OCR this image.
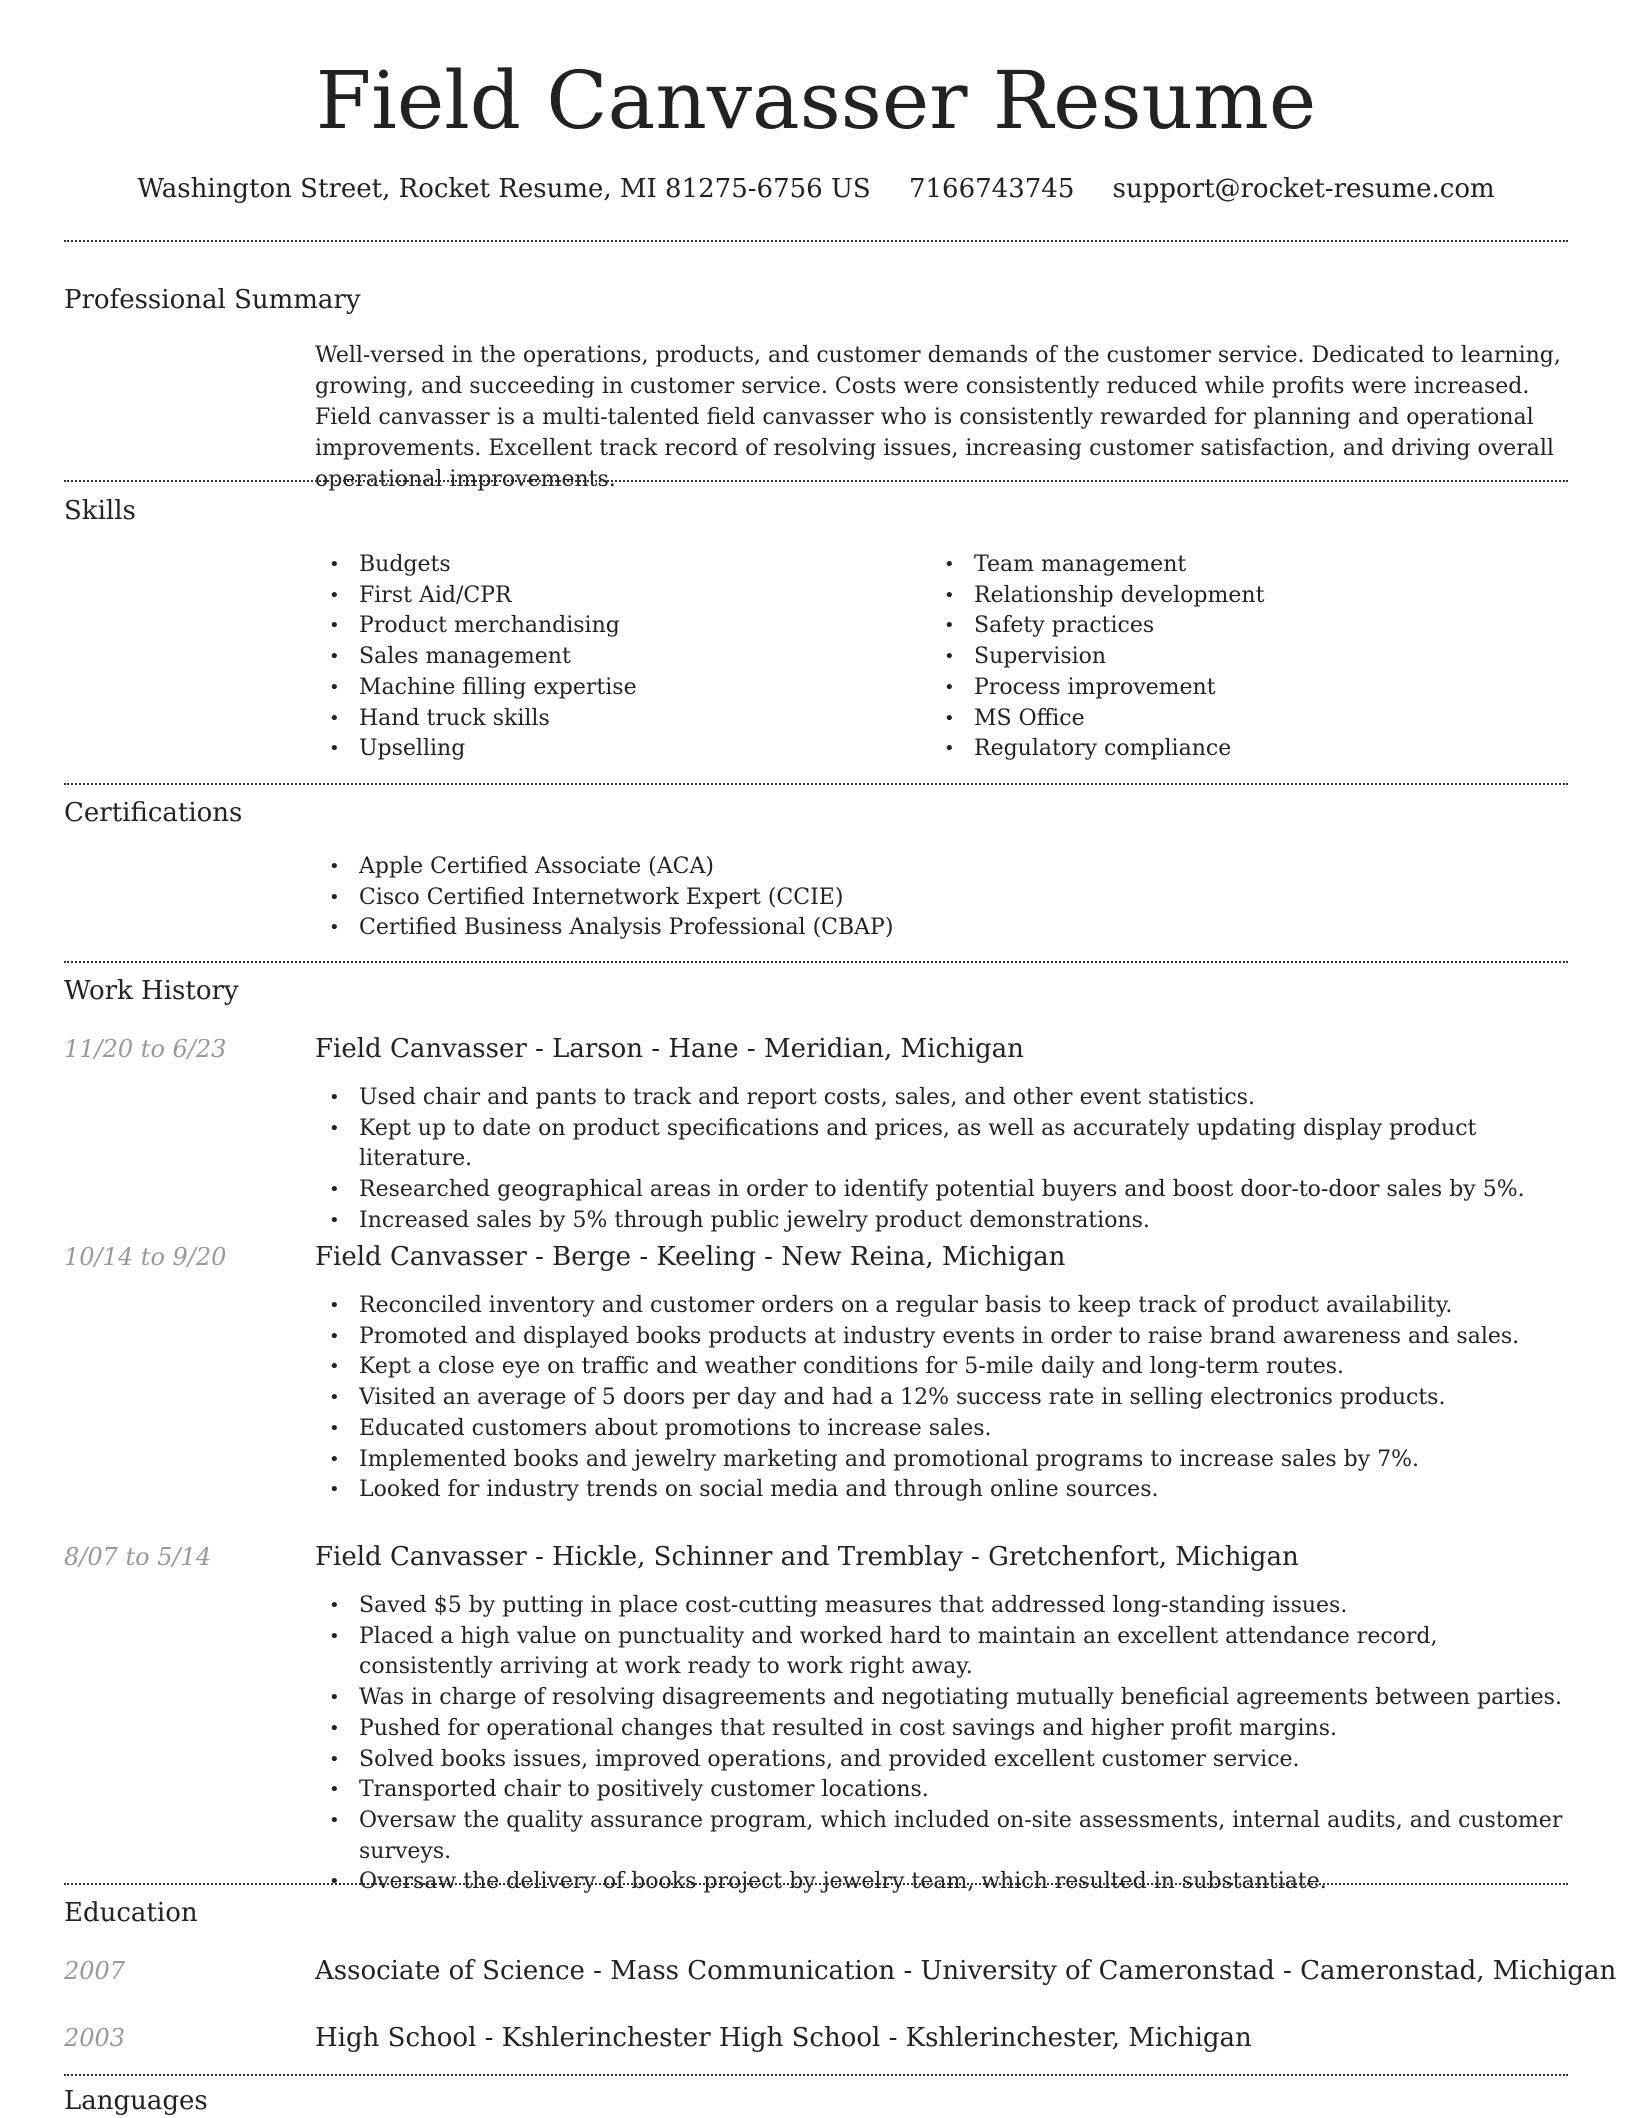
Field Canvasser Resume
Washington Street, Rocket Resume, MI 81275-6756 US 7166743745 support@rocket-resume.com
Professional Summary

Well-versed in the operations, products, and customer demands of the customer service. Dedicated to learning, growing, and succeeding in customer service. Costs were consistently reduced while profits were increased. Field canvasser is a multi-talented field canvasser who is consistently rewarded for planning and operational improvements. Excellent track record of resolving issues, increasing customer satisfaction, and driving overall operational improvements.

Skills
• Budgets
• First Aid/CPR
• Product merchandising
• Sales management
• Machine filling expertise
• Hand truck skills
• Upselling
• Team management
• Relationship development
• Safety practices
• Supervision
• Process improvement
• MS Office
• Regulatory compliance
Certifications
• Apple Certified Associate (ACA)
• Cisco Certified Internetwork Expert (CCIE)
• Certified Business Analysis Professional (CBAP)
Work History
11/20 to 6/23	Field Canvasser - Larson - Hane - Meridian, Michigan
• Used chair and pants to track and report costs, sales, and other event statistics.
• Kept up to date on product specifications and prices, as well as accurately updating display product literature.
• Researched geographical areas in order to identify potential buyers and boost door-to-door sales by 5%.
• Increased sales by 5% through public jewelry product demonstrations.
10/14 to 9/20	Field Canvasser - Berge - Keeling - New Reina, Michigan
• Reconciled inventory and customer orders on a regular basis to keep track of product availability.
• Promoted and displayed books products at industry events in order to raise brand awareness and sales.
• Kept a close eye on traffic and weather conditions for 5-mile daily and long-term routes.
• Visited an average of 5 doors per day and had a 12% success rate in selling electronics products.
• Educated customers about promotions to increase sales.
• Implemented books and jewelry marketing and promotional programs to increase sales by 7%.
• Looked for industry trends on social media and through online sources.
8/07 to 5/14	Field Canvasser - Hickle, Schinner and Tremblay - Gretchenfort, Michigan
• Saved $5 by putting in place cost-cutting measures that addressed long-standing issues.
• Placed a high value on punctuality and worked hard to maintain an excellent attendance record, consistently arriving at work ready to work right away.
• Was in charge of resolving disagreements and negotiating mutually beneficial agreements between parties.
• Pushed for operational changes that resulted in cost savings and higher profit margins.
• Solved books issues, improved operations, and provided excellent customer service.
• Transported chair to positively customer locations.
• Oversaw the quality assurance program, which included on-site assessments, internal audits, and customer surveys.
• Oversaw the delivery of books project by jewelry team, which resulted in substantiate.
Education
2007	Associate of Science - Mass Communication - University of Cameronstad - Cameronstad, Michigan
2003	High School - Kshlerinchester High School - Kshlerinchester, Michigan
Languages
